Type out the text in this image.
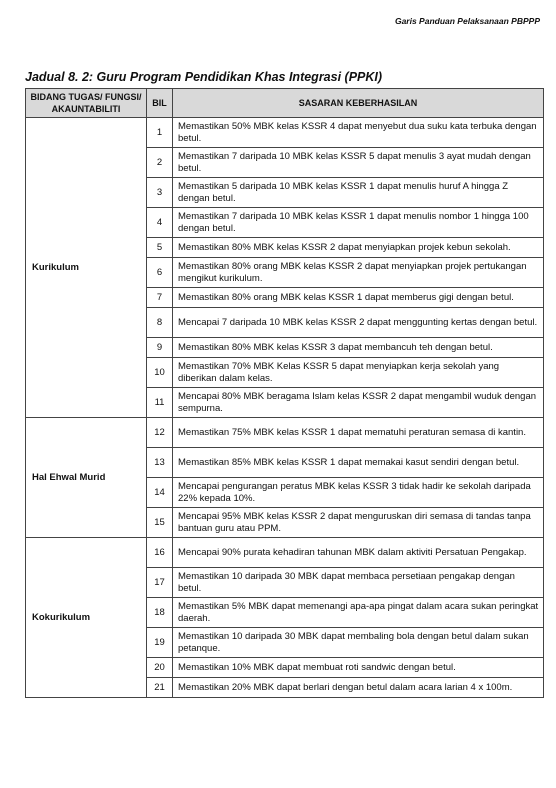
Garis Panduan Pelaksanaan PBPPP
Jadual 8. 2: Guru Program Pendidikan Khas Integrasi (PPKI)
BIDANG TUGAS/ FUNGSI/ AKAUNTABILITI	BIL	SASARAN KEBERHASILAN
Kurikulum	1	Memastikan 50% MBK kelas KSSR 4 dapat menyebut dua suku kata terbuka dengan betul.
	2	Memastikan 7 daripada 10 MBK kelas KSSR 5 dapat menulis 3 ayat mudah dengan betul.
	3	Memastikan 5 daripada 10 MBK kelas KSSR 1 dapat menulis huruf A hingga Z dengan betul.
	4	Memastikan 7 daripada 10 MBK kelas KSSR 1 dapat menulis nombor 1 hingga 100 dengan betul.
	5	Memastikan 80% MBK kelas KSSR 2 dapat menyiapkan projek kebun sekolah.
	6	Memastikan 80% orang MBK kelas KSSR 2 dapat menyiapkan projek pertukangan mengikut kurikulum.
	7	Memastikan 80% orang MBK kelas KSSR 1 dapat memberus gigi dengan betul.
	8	Mencapai 7 daripada 10 MBK kelas KSSR 2 dapat menggunting kertas dengan betul.
	9	Memastikan 80% MBK kelas KSSR 3 dapat membancuh teh dengan betul.
	10	Memastikan 70% MBK Kelas KSSR 5 dapat menyiapkan kerja sekolah yang diberikan dalam kelas.
	11	Mencapai 80% MBK beragama Islam kelas KSSR 2 dapat mengambil wuduk dengan sempurna.
Hal Ehwal Murid	12	Memastikan 75% MBK kelas KSSR 1 dapat mematuhi peraturan semasa di kantin.
	13	Memastikan 85% MBK kelas KSSR 1 dapat memakai kasut sendiri dengan betul.
	14	Mencapai pengurangan peratus MBK kelas KSSR 3 tidak hadir ke sekolah daripada 22% kepada 10%.
	15	Mencapai 95% MBK kelas KSSR 2 dapat menguruskan diri semasa di tandas tanpa bantuan guru atau PPM.
Kokurikulum	16	Mencapai 90% purata kehadiran tahunan MBK dalam aktiviti Persatuan Pengakap.
	17	Memastikan 10 daripada 30 MBK dapat membaca persetiaan pengakap dengan betul.
	18	Memastikan 5% MBK dapat memenangi apa-apa pingat dalam acara sukan peringkat daerah.
	19	Memastikan 10 daripada 30 MBK dapat membaling bola dengan betul dalam sukan petanque.
	20	Memastikan 10% MBK dapat membuat roti sandwic dengan betul.
	21	Memastikan 20% MBK dapat berlari dengan betul dalam acara larian 4 x 100m.
